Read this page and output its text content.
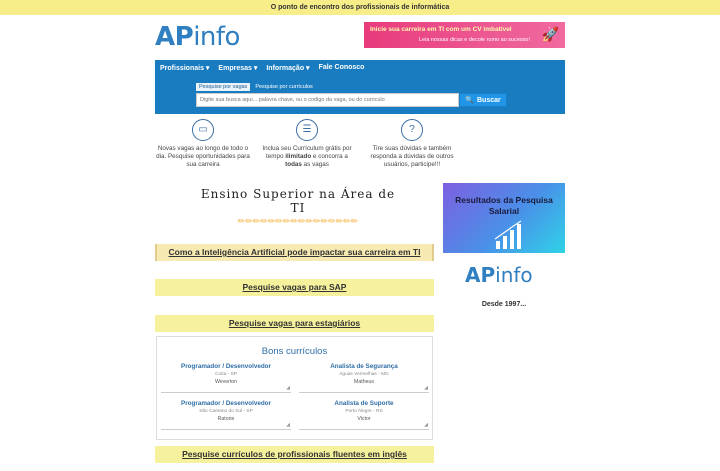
O ponto de encontro dos profissionais de informática
APinfo	Inicie sua carreira em TI com um CV imbatível
Leia nossas dicas e decole rumo ao sucesso! 🚀
Profissionais ▾ Empresas ▾ Informação ▾ Fale Conosco
Pesquise por vagas	Pesquise por currículos
Digite sua busca aqui... palavra chave, ou o codigo da vaga, ou do curriculo
🔍 Buscar
▭
Novas vagas ao longo de todo o dia. Pesquise oportunidades para sua carreira
☰
Inclua seu Currículum grátis por tempo ilimitado e concorra a todas as vagas
?
Tire suas dúvidas e também responda a dúvidas de outros usuários, participe!!!
Ensino Superior na Área de TI
✏✏✏✏✏✏✏✏✏✏✏✏✏✏✏✏
Como a Inteligência Artificial pode impactar sua carreira em TI
Pesquise vagas para SAP
Pesquise vagas para estagiários
Bons currículos
Programador / Desenvolvedor
Cotia - SP
Weverton
◢
Analista de Segurança
Águas Vermelhas - MG
Matheus
◢
Programador / Desenvolvedor
São Caetano do Sul - SP
Ratone
◢
Analista de Suporte
Porto Alegre - RS
Victor
◢
Pesquise currículos de profissionais fluentes em inglês
Resultados da Pesquisa Salarial
APinfo
Desde 1997...
